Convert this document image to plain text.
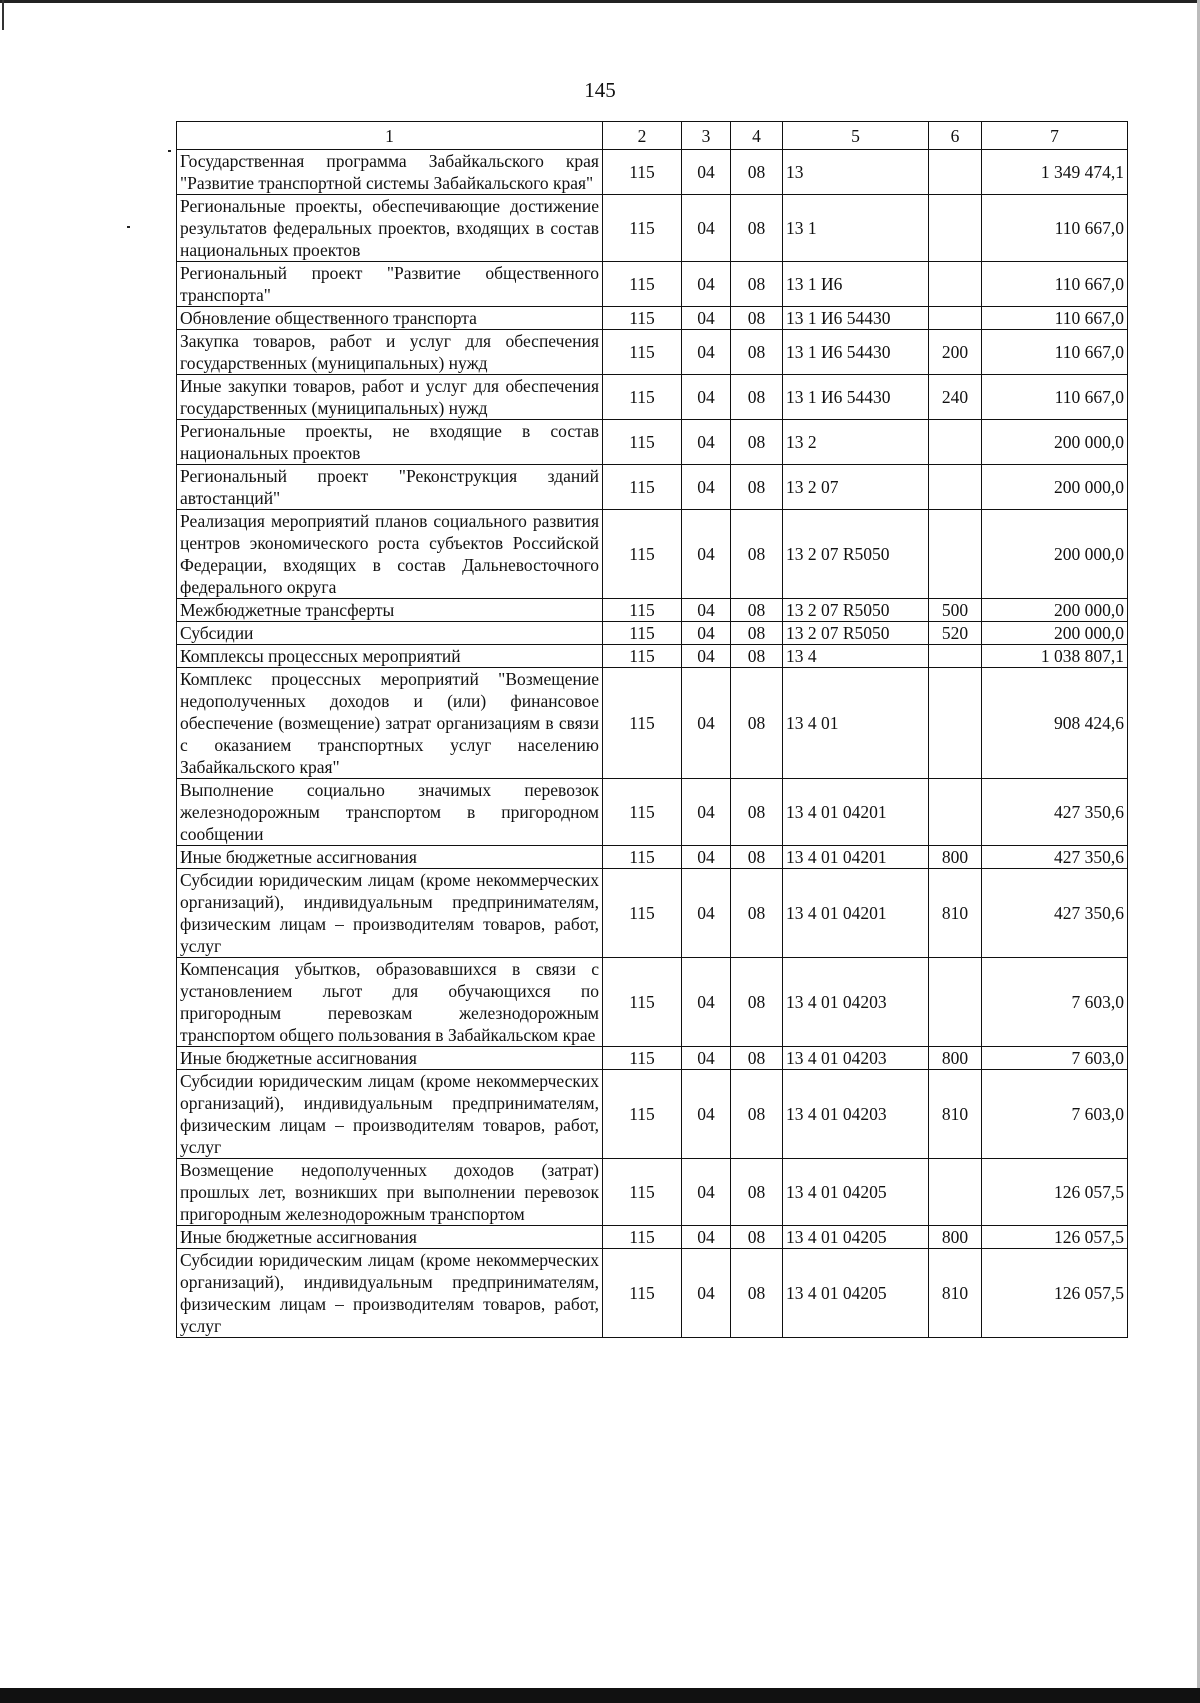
145
1	2	3	4	5	6	7
Государственная программа Забайкальского края "Развитие транспортной системы Забайкальского края"	115	04	08	13		1 349 474,1
Региональные проекты, обеспечивающие достижение результатов федеральных проектов, входящих в состав национальных проектов	115	04	08	13 1		110 667,0
Региональный проект "Развитие общественного транспорта"	115	04	08	13 1 И6		110 667,0
Обновление общественного транспорта	115	04	08	13 1 И6 54430		110 667,0
Закупка товаров, работ и услуг для обеспечения государственных (муниципальных) нужд	115	04	08	13 1 И6 54430	200	110 667,0
Иные закупки товаров, работ и услуг для обеспечения государственных (муниципальных) нужд	115	04	08	13 1 И6 54430	240	110 667,0
Региональные проекты, не входящие в состав национальных проектов	115	04	08	13 2		200 000,0
Региональный проект "Реконструкция зданий автостанций"	115	04	08	13 2 07		200 000,0
Реализация мероприятий планов социального развития центров экономического роста субъектов Российской Федерации, входящих в состав Дальневосточного федерального округа	115	04	08	13 2 07 R5050		200 000,0
Межбюджетные трансферты	115	04	08	13 2 07 R5050	500	200 000,0
Субсидии	115	04	08	13 2 07 R5050	520	200 000,0
Комплексы процессных мероприятий	115	04	08	13 4		1 038 807,1
Комплекс процессных мероприятий "Возмещение недополученных доходов и (или) финансовое обеспечение (возмещение) затрат организациям в связи с оказанием транспортных услуг населению Забайкальского края"	115	04	08	13 4 01		908 424,6
Выполнение социально значимых перевозок железнодорожным транспортом в пригородном сообщении	115	04	08	13 4 01 04201		427 350,6
Иные бюджетные ассигнования	115	04	08	13 4 01 04201	800	427 350,6
Субсидии юридическим лицам (кроме некоммерческих организаций), индивидуальным предпринимателям, физическим лицам – производителям товаров, работ, услуг	115	04	08	13 4 01 04201	810	427 350,6
Компенсация убытков, образовавшихся в связи с установлением льгот для обучающихся по пригородным перевозкам железнодорожным транспортом общего пользования в Забайкальском крае	115	04	08	13 4 01 04203		7 603,0
Иные бюджетные ассигнования	115	04	08	13 4 01 04203	800	7 603,0
Субсидии юридическим лицам (кроме некоммерческих организаций), индивидуальным предпринимателям, физическим лицам – производителям товаров, работ, услуг	115	04	08	13 4 01 04203	810	7 603,0
Возмещение недополученных доходов (затрат) прошлых лет, возникших при выполнении перевозок пригородным железнодорожным транспортом	115	04	08	13 4 01 04205		126 057,5
Иные бюджетные ассигнования	115	04	08	13 4 01 04205	800	126 057,5
Субсидии юридическим лицам (кроме некоммерческих организаций), индивидуальным предпринимателям, физическим лицам – производителям товаров, работ, услуг	115	04	08	13 4 01 04205	810	126 057,5
